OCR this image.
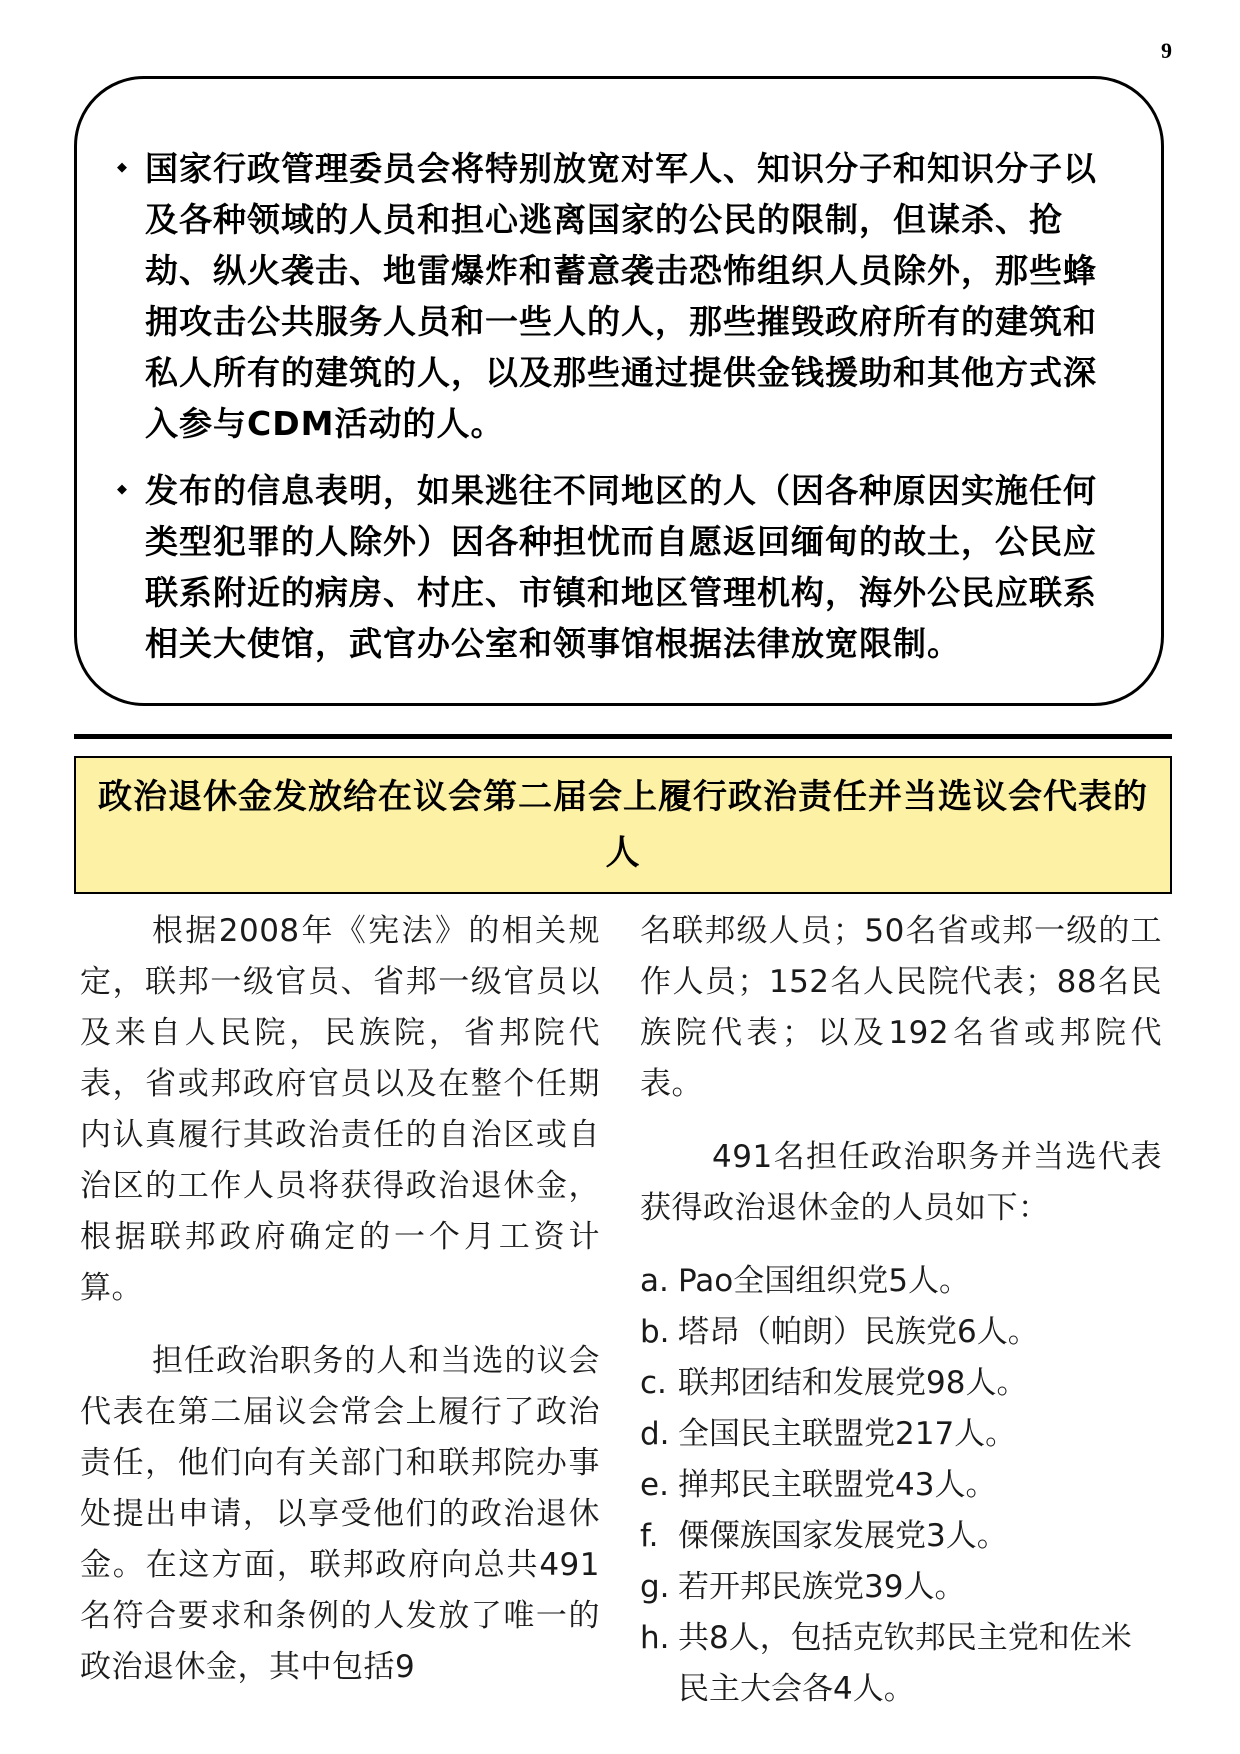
9
◆ 国家行政管理委员会将特别放宽对军人、知识分子和知识分子以及各种领域的人员和担心逃离国家的公民的限制，但谋杀、抢劫、纵火袭击、地雷爆炸和蓄意袭击恐怖组织人员除外，那些蜂拥攻击公共服务人员和一些人的人，那些摧毁政府所有的建筑和私人所有的建筑的人，以及那些通过提供金钱援助和其他方式深入参与CDM活动的人。
◆ 发布的信息表明，如果逃往不同地区的人（因各种原因实施任何类型犯罪的人除外）因各种担忧而自愿返回缅甸的故土，公民应联系附近的病房、村庄、市镇和地区管理机构，海外公民应联系相关大使馆，武官办公室和领事馆根据法律放宽限制。
政治退休金发放给在议会第二届会上履行政治责任并当选议会代表的人

根据2008年《宪法》的相关规定，联邦一级官员、省邦一级官员以及来自人民院，民族院，省邦院代表，省或邦政府官员以及在整个任期内认真履行其政治责任的自治区或自治区的工作人员将获得政治退休金，根据联邦政府确定的一个月工资计算。

担任政治职务的人和当选的议会代表在第二届议会常会上履行了政治责任，他们向有关部门和联邦院办事处提出申请，以享受他们的政治退休金。在这方面，联邦政府向总共491名符合要求和条例的人发放了唯一的政治退休金，其中包括9

名联邦级人员；50名省或邦一级的工作人员；152名人民院代表；88名民族院代表；以及192名省或邦院代表。

491名担任政治职务并当选代表获得政治退休金的人员如下：

a. Pao全国组织党5人。
b. 塔昂（帕朗）民族党6人。
c. 联邦团结和发展党98人。
d. 全国民主联盟党217人。
e. 掸邦民主联盟党43人。
f. 傈僳族国家发展党3人。
g. 若开邦民族党39人。
h. 共8人，包括克钦邦民主党和佐米民主大会各4人。
